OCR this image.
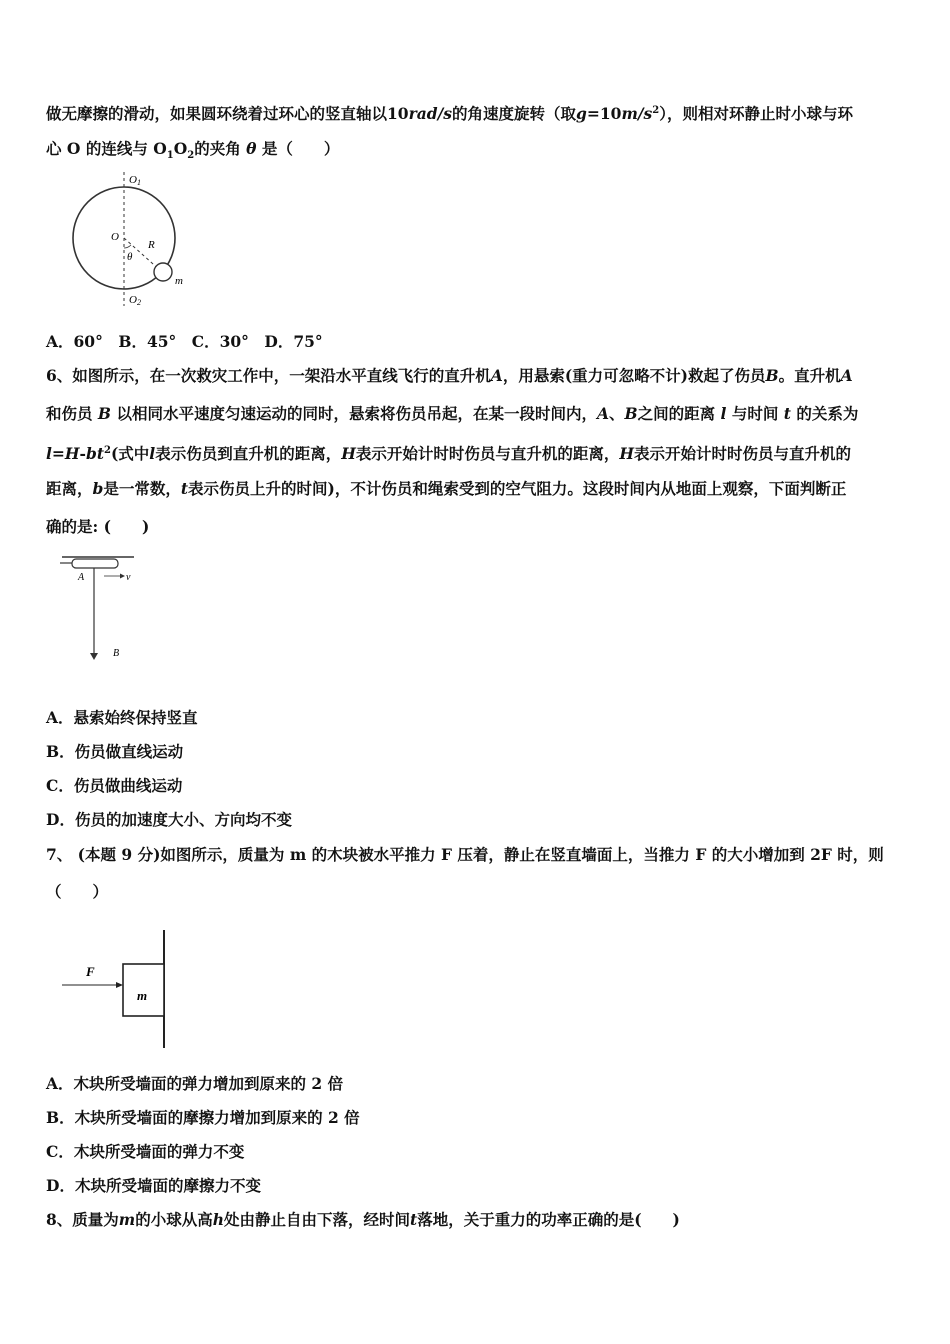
做无摩擦的滑动，如果圆环绕着过环心的竖直轴以10rad/s的角速度旋转（取$g=10m/s^2$），则相对环静止时小球与环
心 O 的连线与 $O_1O_2$的夹角 θ 是（　　）
O1
O
R
θ
m
O2
A．60°　B．45°　C．30°　D．75°
6、如图所示，在一次救灾工作中，一架沿水平直线飞行的直升机A，用悬索(重力可忽略不计)救起了伤员B。直升机A
和伤员 B 以相同水平速度匀速运动的同时，悬索将伤员吊起，在某一段时间内，A、B之间的距离 l 与时间 t 的关系为
$l=H-bt^2$(式中l表示伤员到直升机的距离，H表示开始计时时伤员与直升机的距离，H表示开始计时时伤员与直升机的
距离，b是一常数，t表示伤员上升的时间)，不计伤员和绳索受到的空气阻力。这段时间内从地面上观察，下面判断正
确的是: (　　)
A	v
B
A．悬索始终保持竖直
B．伤员做直线运动
C．伤员做曲线运动
D．伤员的加速度大小、方向均不变
7、 (本题 9 分)如图所示，质量为 m 的木块被水平推力 F 压着，静止在竖直墙面上，当推力 F 的大小增加到 2F 时，则
（　　）
F
m
A．木块所受墙面的弹力增加到原来的 2 倍
B．木块所受墙面的摩擦力增加到原来的 2 倍
C．木块所受墙面的弹力不变
D．木块所受墙面的摩擦力不变
8、质量为m的小球从高h处由静止自由下落，经时间t落地，关于重力的功率正确的是(　　)
